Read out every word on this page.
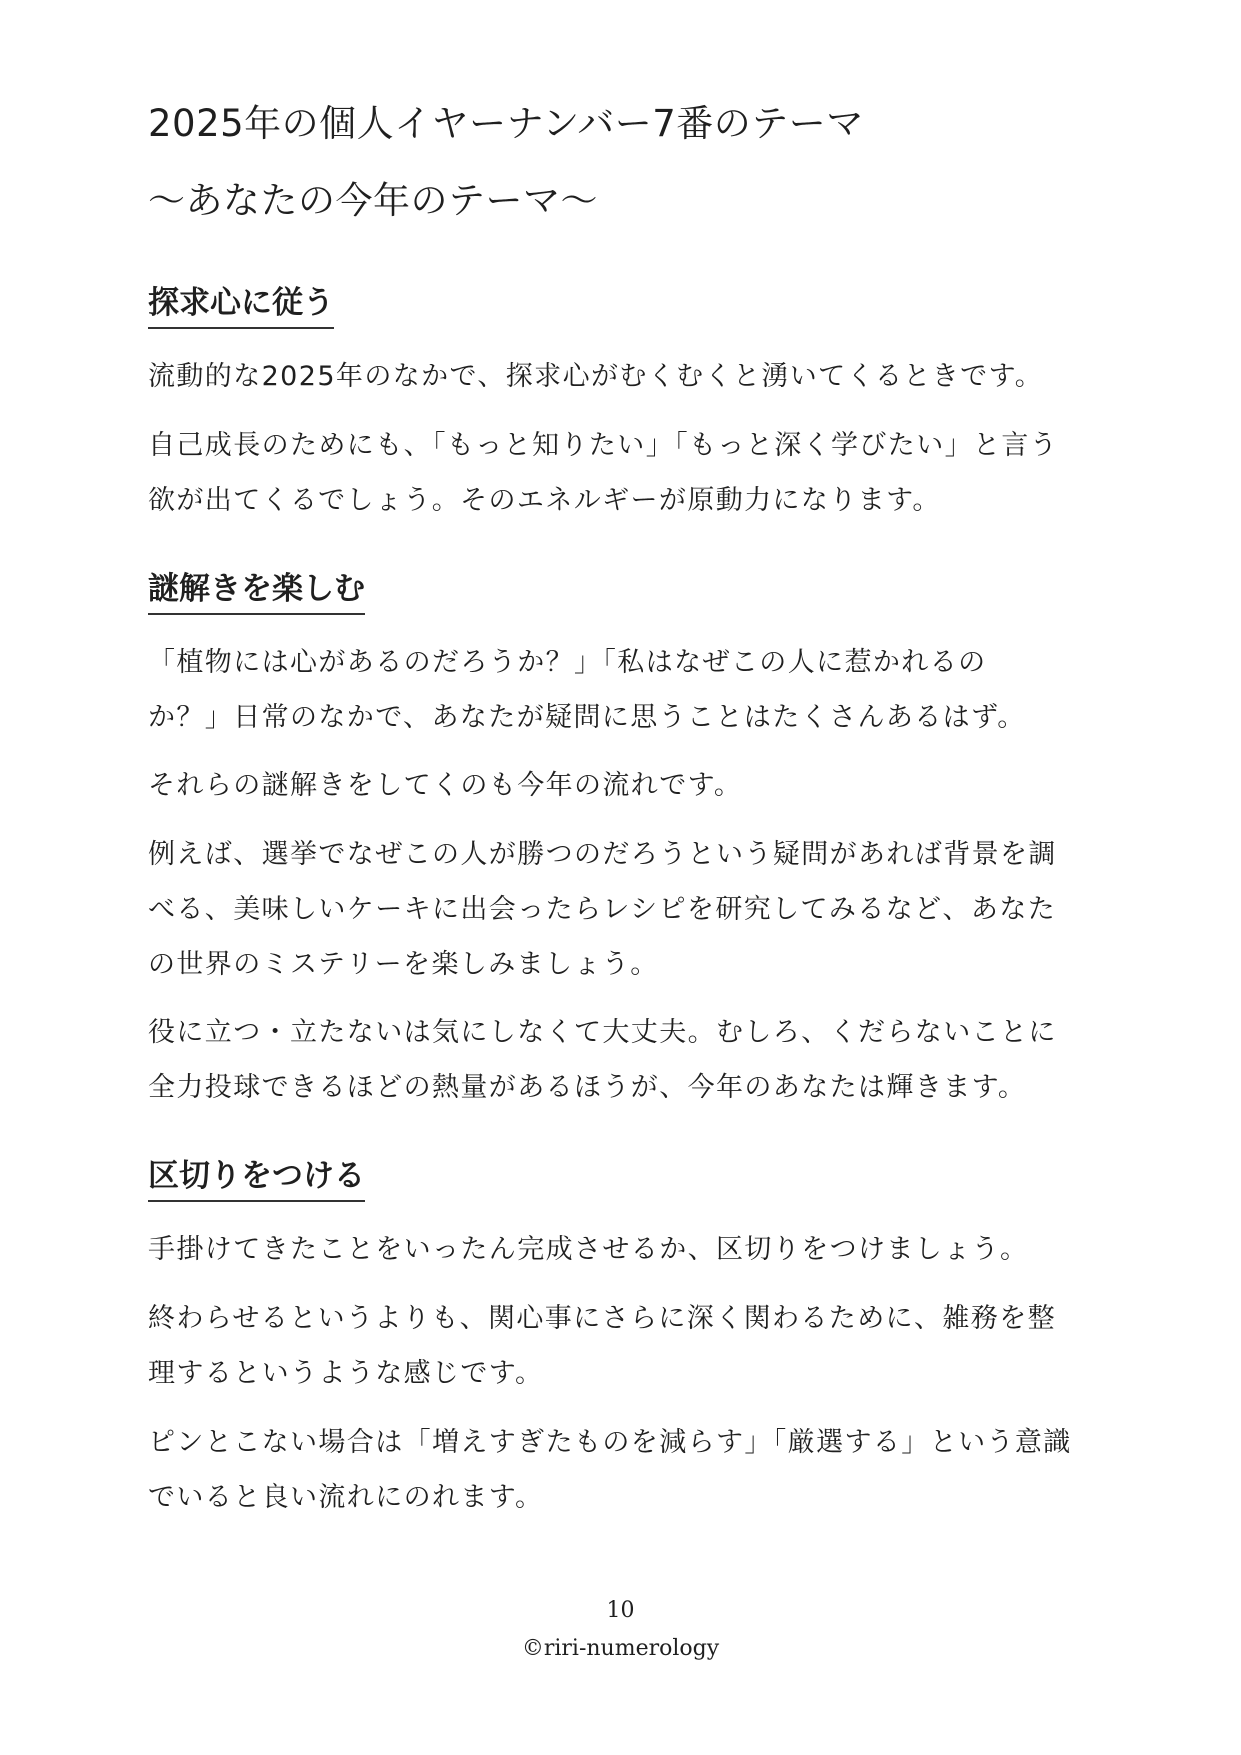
2025年の個人イヤーナンバー7番のテーマ
～あなたの今年のテーマ～
探求心に従う

流動的な2025年のなかで、探求心がむくむくと湧いてくるときです。

自己成長のためにも、「もっと知りたい」「もっと深く学びたい」と言う
欲が出てくるでしょう。そのエネルギーが原動力になります。

謎解きを楽しむ

「植物には心があるのだろうか？」「私はなぜこの人に惹かれるの
か？」日常のなかで、あなたが疑問に思うことはたくさんあるはず。

それらの謎解きをしてくのも今年の流れです。

例えば、選挙でなぜこの人が勝つのだろうという疑問があれば背景を調
べる、美味しいケーキに出会ったらレシピを研究してみるなど、あなた
の世界のミステリーを楽しみましょう。

役に立つ・立たないは気にしなくて大丈夫。むしろ、くだらないことに
全力投球できるほどの熱量があるほうが、今年のあなたは輝きます。

区切りをつける

手掛けてきたことをいったん完成させるか、区切りをつけましょう。

終わらせるというよりも、関心事にさらに深く関わるために、雑務を整
理するというような感じです。

ピンとこない場合は「増えすぎたものを減らす」「厳選する」という意識
でいると良い流れにのれます。

10
©riri-numerology
